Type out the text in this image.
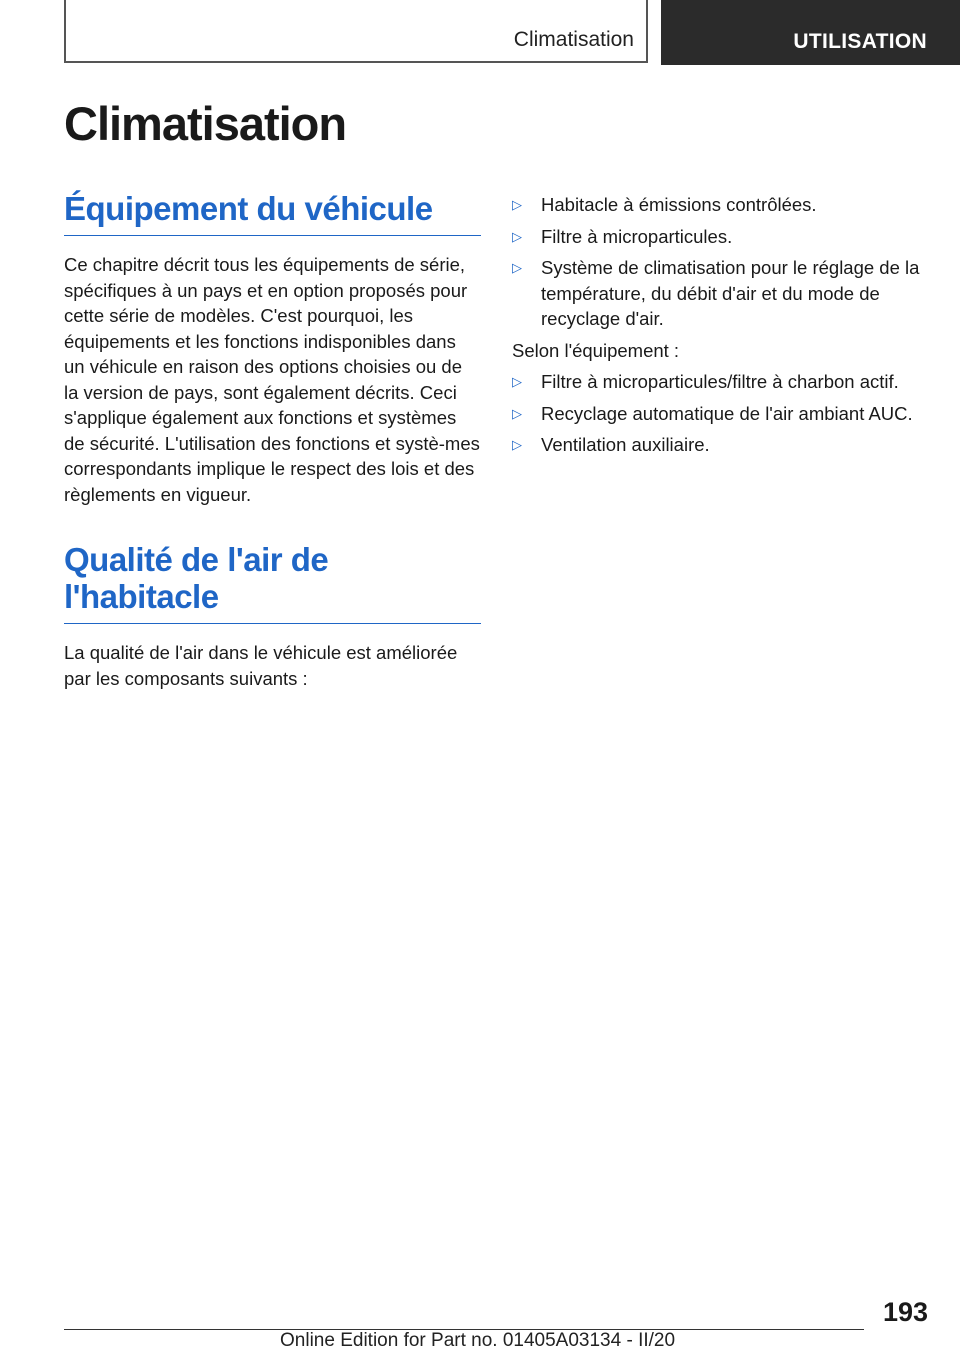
Climatisation	UTILISATION
Climatisation
Équipement du véhicule

Ce chapitre décrit tous les équipements de série, spécifiques à un pays et en option proposés pour cette série de modèles. C'est pourquoi, les équipements et les fonctions indisponibles dans un véhicule en raison des options choisies ou de la version de pays, sont également décrits. Ceci s'applique également aux fonctions et systèmes de sécurité. L'utilisation des fonctions et systè-mes correspondants implique le respect des lois et des règlements en vigueur.

Qualité de l'air de l'habitacle

La qualité de l'air dans le véhicule est améliorée par les composants suivants :

▷ Habitacle à émissions contrôlées.
▷ Filtre à microparticules.
▷ Système de climatisation pour le réglage de la température, du débit d'air et du mode de recyclage d'air.

Selon l'équipement :

▷ Filtre à microparticules/filtre à charbon actif.
▷ Recyclage automatique de l'air ambiant AUC.
▷ Ventilation auxiliaire.
193
Online Edition for Part no. 01405A03134 - II/20
